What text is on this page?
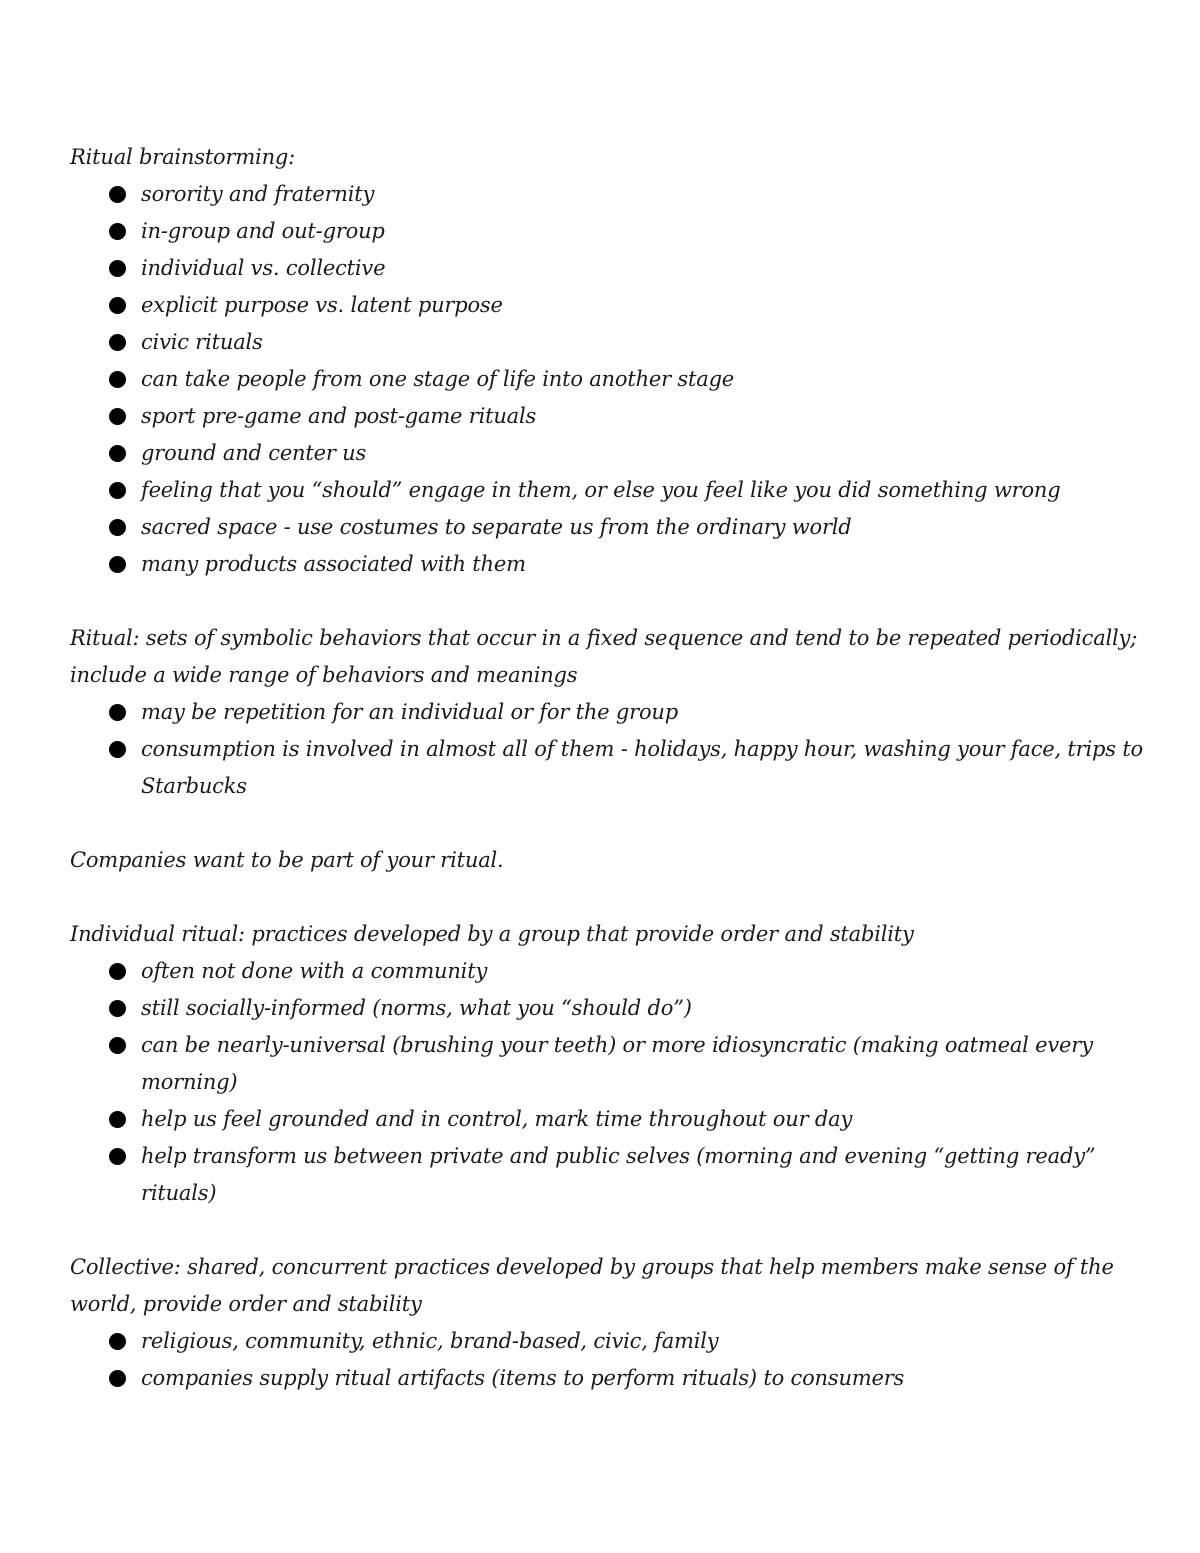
Ritual brainstorming:

sorority and fraternity
in-group and out-group
individual vs. collective
explicit purpose vs. latent purpose
civic rituals
can take people from one stage of life into another stage
sport pre-game and post-game rituals
ground and center us
feeling that you “should” engage in them, or else you feel like you did something wrong
sacred space - use costumes to separate us from the ordinary world
many products associated with them

Ritual: sets of symbolic behaviors that occur in a fixed sequence and tend to be repeated periodically; include a wide range of behaviors and meanings

may be repetition for an individual or for the group
consumption is involved in almost all of them - holidays, happy hour, washing your face, trips to Starbucks

Companies want to be part of your ritual.

Individual ritual: practices developed by a group that provide order and stability

often not done with a community
still socially-informed (norms, what you “should do”)
can be nearly-universal (brushing your teeth) or more idiosyncratic (making oatmeal every morning)
help us feel grounded and in control, mark time throughout our day
help transform us between private and public selves (morning and evening “getting ready” rituals)

Collective: shared, concurrent practices developed by groups that help members make sense of the world, provide order and stability

religious, community, ethnic, brand-based, civic, family
companies supply ritual artifacts (items to perform rituals) to consumers
